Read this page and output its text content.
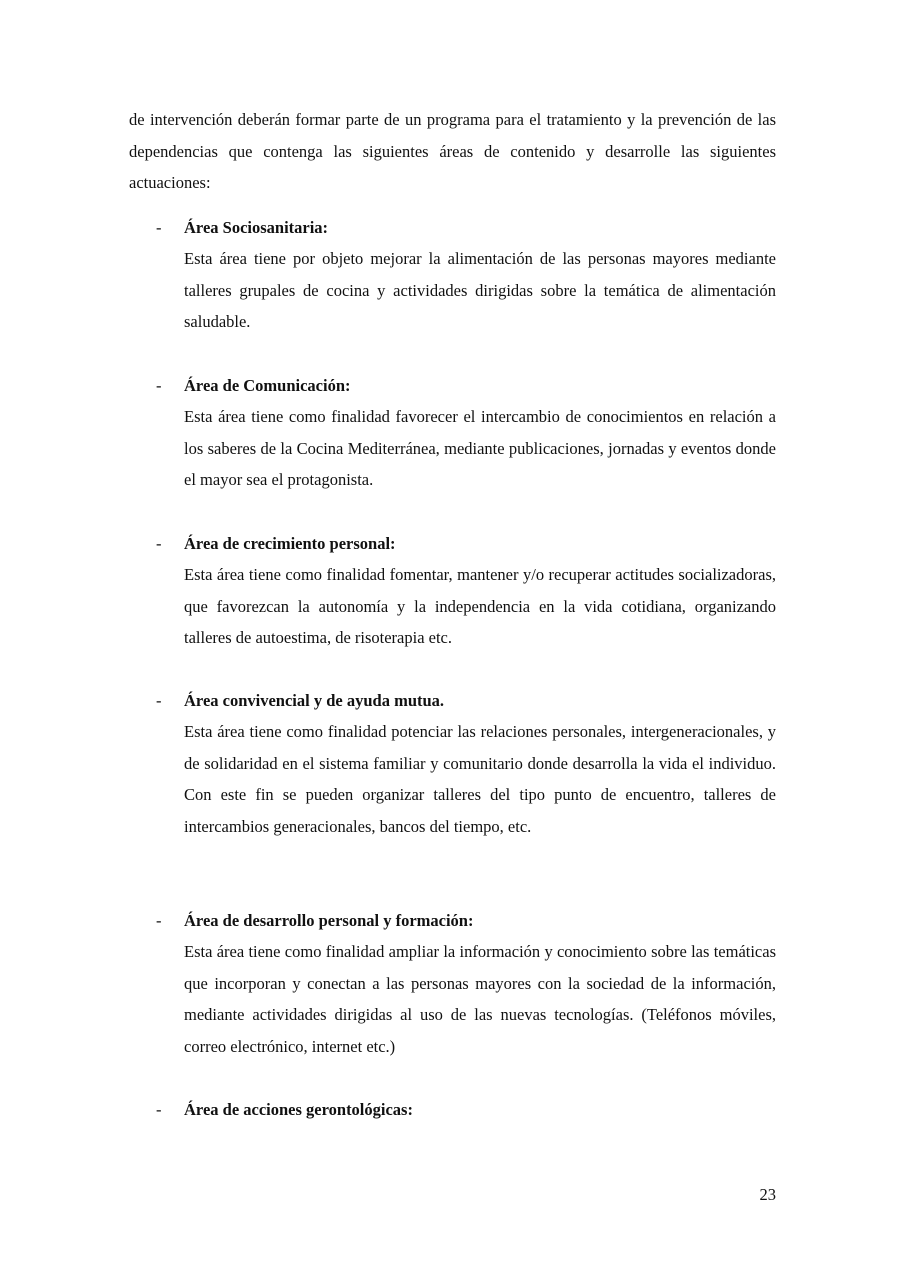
de intervención deberán formar parte de un programa para el tratamiento y la prevención de las dependencias que contenga las siguientes áreas de contenido y desarrolle las siguientes actuaciones:

- Área Sociosanitaria:

Esta área tiene por objeto mejorar la alimentación de las personas mayores mediante talleres grupales de cocina y actividades dirigidas sobre la temática de alimentación saludable.

- Área de Comunicación:

Esta área tiene como finalidad favorecer el intercambio de conocimientos en relación a los saberes de la Cocina Mediterránea, mediante publicaciones, jornadas y eventos donde el mayor sea el protagonista.

- Área de crecimiento personal:

Esta área tiene como finalidad fomentar, mantener y/o recuperar actitudes socializadoras, que favorezcan la autonomía y la independencia en la vida cotidiana, organizando talleres de autoestima, de risoterapia etc.

- Área convivencial y de ayuda mutua.

Esta área tiene como finalidad potenciar las relaciones personales, intergeneracionales, y de solidaridad en el sistema familiar y comunitario donde desarrolla la vida el individuo. Con este fin se pueden organizar talleres del tipo punto de encuentro, talleres de intercambios generacionales, bancos del tiempo, etc.

- Área de desarrollo personal y formación:

Esta área tiene como finalidad ampliar la información y conocimiento sobre las temáticas que incorporan y conectan a las personas mayores con la sociedad de la información, mediante actividades dirigidas al uso de las nuevas tecnologías. (Teléfonos móviles, correo electrónico, internet etc.)

- Área de acciones gerontológicas:
23
